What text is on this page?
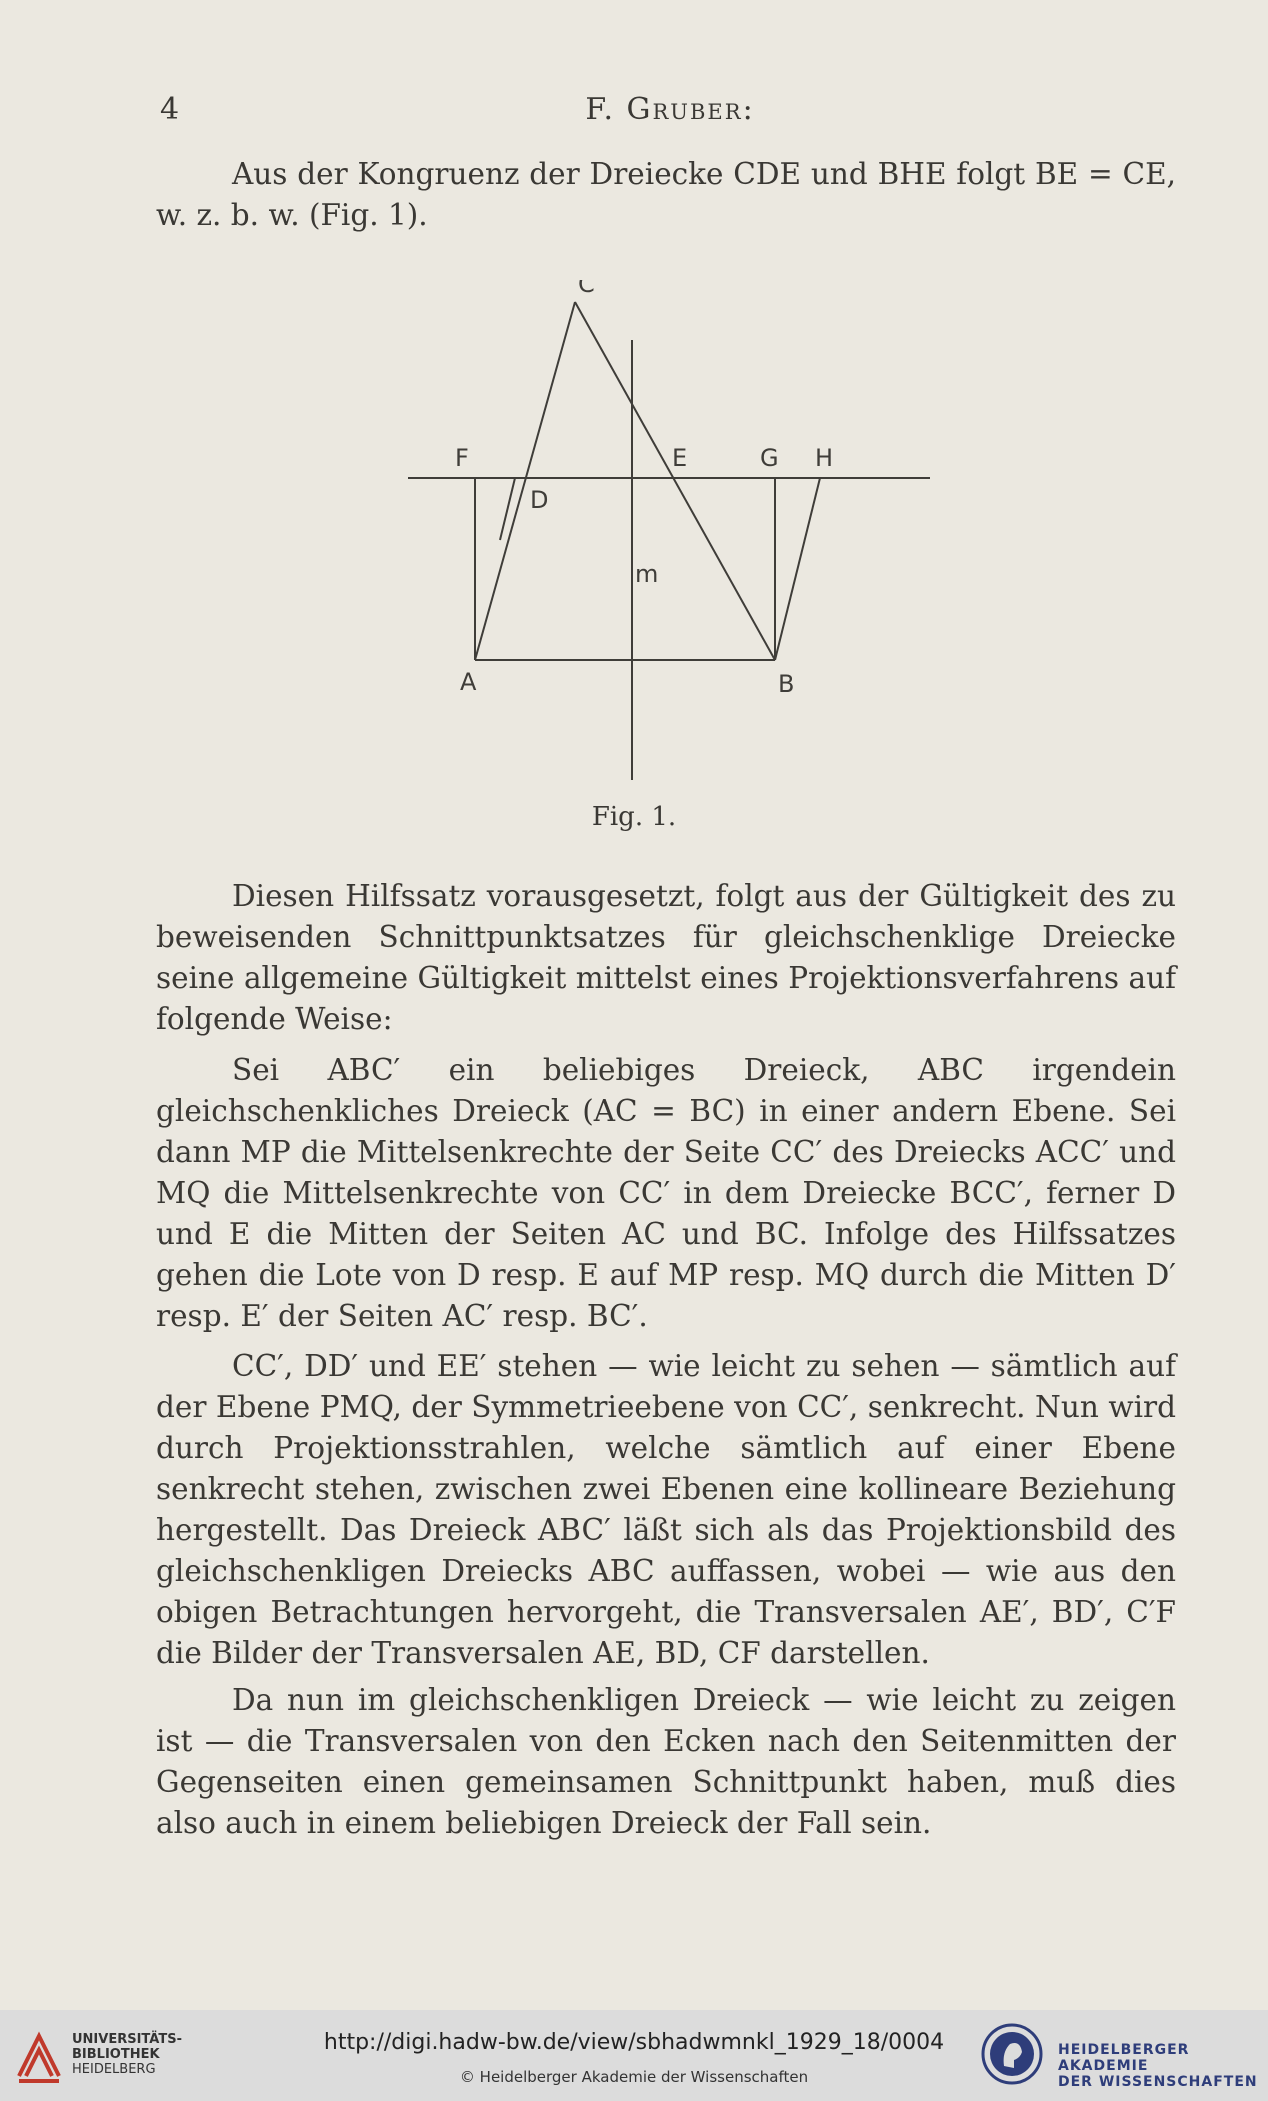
4	F. Gruber:

Aus der Kongruenz der Dreiecke CDE und BHE folgt BE = CE, w. z. b. w. (Fig. 1).

C
F	E	G H
D
m
A	B
Fig. 1.

Diesen Hilfssatz vorausgesetzt, folgt aus der Gültigkeit des zu beweisenden Schnittpunktsatzes für gleichschenklige Dreiecke seine allgemeine Gültigkeit mittelst eines Projektionsverfahrens auf folgende Weise:

Sei ABC′ ein beliebiges Dreieck, ABC irgendein gleichschenkliches Dreieck (AC = BC) in einer andern Ebene. Sei dann MP die Mittelsenkrechte der Seite CC′ des Dreiecks ACC′ und MQ die Mittelsenkrechte von CC′ in dem Dreiecke BCC′, ferner D und E die Mitten der Seiten AC und BC. Infolge des Hilfssatzes gehen die Lote von D resp. E auf MP resp. MQ durch die Mitten D′ resp. E′ der Seiten AC′ resp. BC′.

CC′, DD′ und EE′ stehen — wie leicht zu sehen — sämtlich auf der Ebene PMQ, der Symmetrieebene von CC′, senkrecht. Nun wird durch Projektionsstrahlen, welche sämtlich auf einer Ebene senkrecht stehen, zwischen zwei Ebenen eine kollineare Beziehung hergestellt. Das Dreieck ABC′ läßt sich als das Projektionsbild des gleichschenkligen Dreiecks ABC auffassen, wobei — wie aus den obigen Betrachtungen hervorgeht, die Transversalen AE′, BD′, C′F die Bilder der Transversalen AE, BD, CF darstellen.

Da nun im gleichschenkligen Dreieck — wie leicht zu zeigen ist — die Transversalen von den Ecken nach den Seitenmitten der Gegenseiten einen gemeinsamen Schnittpunkt haben, muß dies also auch in einem beliebigen Dreieck der Fall sein.

UNIVERSITÄTS-
BIBLIOTHEK
HEIDELBERG
http://digi.hadw-bw.de/view/sbhadwmnkl_1929_18/0004
© Heidelberger Akademie der Wissenschaften
HEIDELBERGER AKADEMIE
DER WISSENSCHAFTEN
